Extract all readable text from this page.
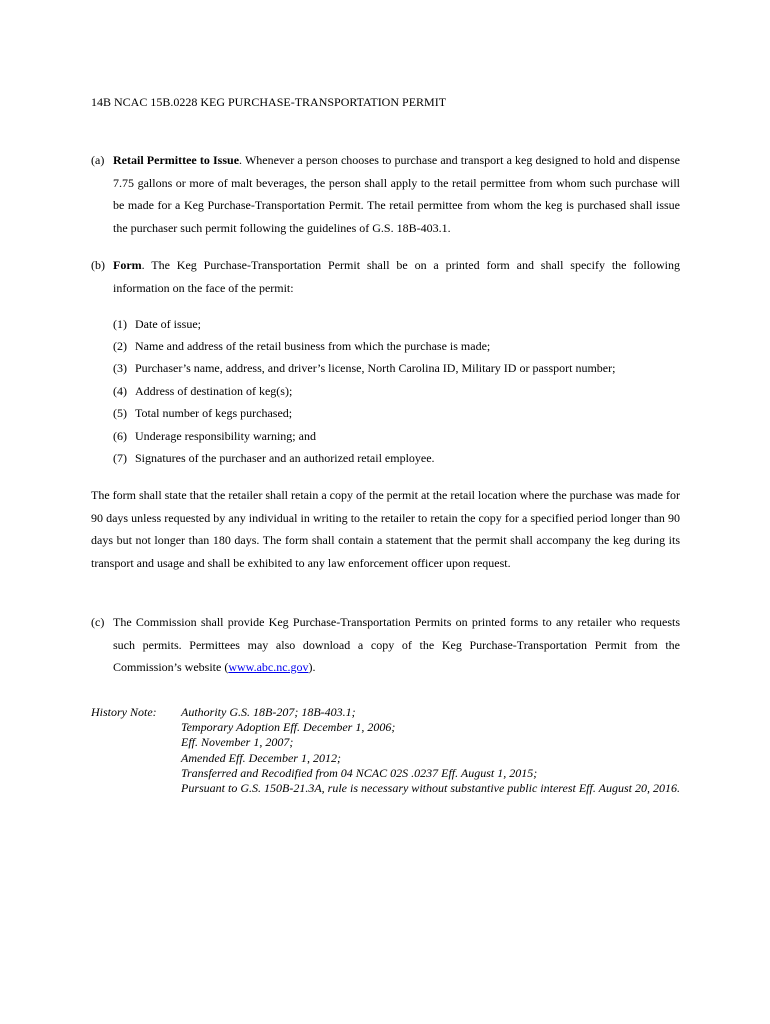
14B NCAC 15B.0228 KEG PURCHASE-TRANSPORTATION PERMIT
(a) Retail Permittee to Issue. Whenever a person chooses to purchase and transport a keg designed to hold and dispense 7.75 gallons or more of malt beverages, the person shall apply to the retail permittee from whom such purchase will be made for a Keg Purchase-Transportation Permit. The retail permittee from whom the keg is purchased shall issue the purchaser such permit following the guidelines of G.S. 18B-403.1.
(b) Form. The Keg Purchase-Transportation Permit shall be on a printed form and shall specify the following information on the face of the permit:
(1) Date of issue;
(2) Name and address of the retail business from which the purchase is made;
(3) Purchaser’s name, address, and driver’s license, North Carolina ID, Military ID or passport number;
(4) Address of destination of keg(s);
(5) Total number of kegs purchased;
(6) Underage responsibility warning; and
(7) Signatures of the purchaser and an authorized retail employee.
The form shall state that the retailer shall retain a copy of the permit at the retail location where the purchase was made for 90 days unless requested by any individual in writing to the retailer to retain the copy for a specified period longer than 90 days but not longer than 180 days. The form shall contain a statement that the permit shall accompany the keg during its transport and usage and shall be exhibited to any law enforcement officer upon request.
(c) The Commission shall provide Keg Purchase-Transportation Permits on printed forms to any retailer who requests such permits. Permittees may also download a copy of the Keg Purchase-Transportation Permit from the Commission’s website (www.abc.nc.gov).
History Note: Authority G.S. 18B-207; 18B-403.1;
Temporary Adoption Eff. December 1, 2006;
Eff. November 1, 2007;
Amended Eff. December 1, 2012;
Transferred and Recodified from 04 NCAC 02S .0237 Eff. August 1, 2015;
Pursuant to G.S. 150B-21.3A, rule is necessary without substantive public interest Eff. August 20, 2016.
